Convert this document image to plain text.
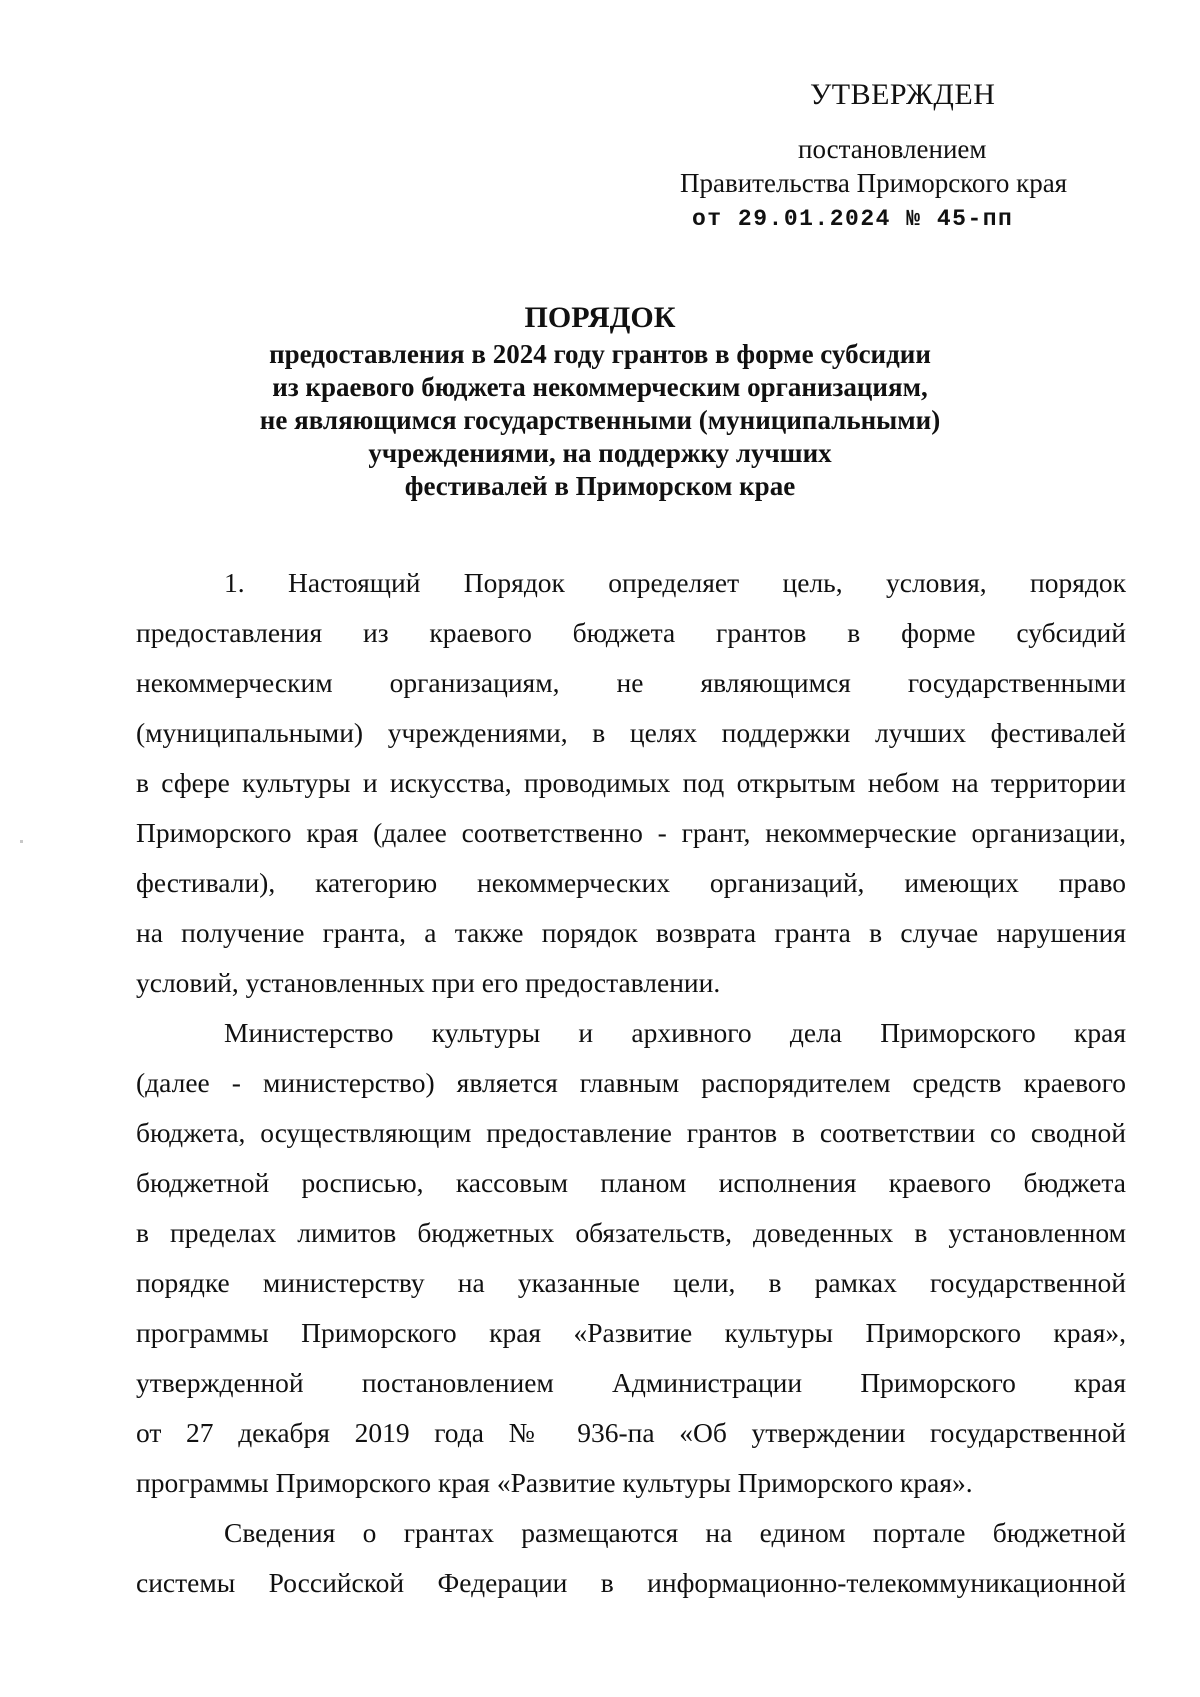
УТВЕРЖДЕН
постановлением
Правительства Приморского края
от 29.01.2024 № 45-пп
ПОРЯДОК
предоставления в 2024 году грантов в форме субсидии
из краевого бюджета некоммерческим организациям,
не являющимся государственными (муниципальными)
учреждениями, на поддержку лучших
фестивалей в Приморском крае
1. Настоящий Порядок определяет цель, условия, порядок
предоставления из краевого бюджета грантов в форме субсидий
некоммерческим организациям, не являющимся государственными
(муниципальными) учреждениями, в целях поддержки лучших фестивалей
в сфере культуры и искусства, проводимых под открытым небом на территории
Приморского края (далее соответственно - грант, некоммерческие организации,
фестивали), категорию некоммерческих организаций, имеющих право
на получение гранта, а также порядок возврата гранта в случае нарушения
условий, установленных при его предоставлении.
Министерство культуры и архивного дела Приморского края
(далее - министерство) является главным распорядителем средств краевого
бюджета, осуществляющим предоставление грантов в соответствии со сводной
бюджетной росписью, кассовым планом исполнения краевого бюджета
в пределах лимитов бюджетных обязательств, доведенных в установленном
порядке министерству на указанные цели, в рамках государственной
программы Приморского края «Развитие культуры Приморского края»,
утвержденной постановлением Администрации Приморского края
от 27 декабря 2019 года № 936-па «Об утверждении государственной
программы Приморского края «Развитие культуры Приморского края».
Сведения о грантах размещаются на едином портале бюджетной
системы Российской Федерации в информационно-телекоммуникационной
